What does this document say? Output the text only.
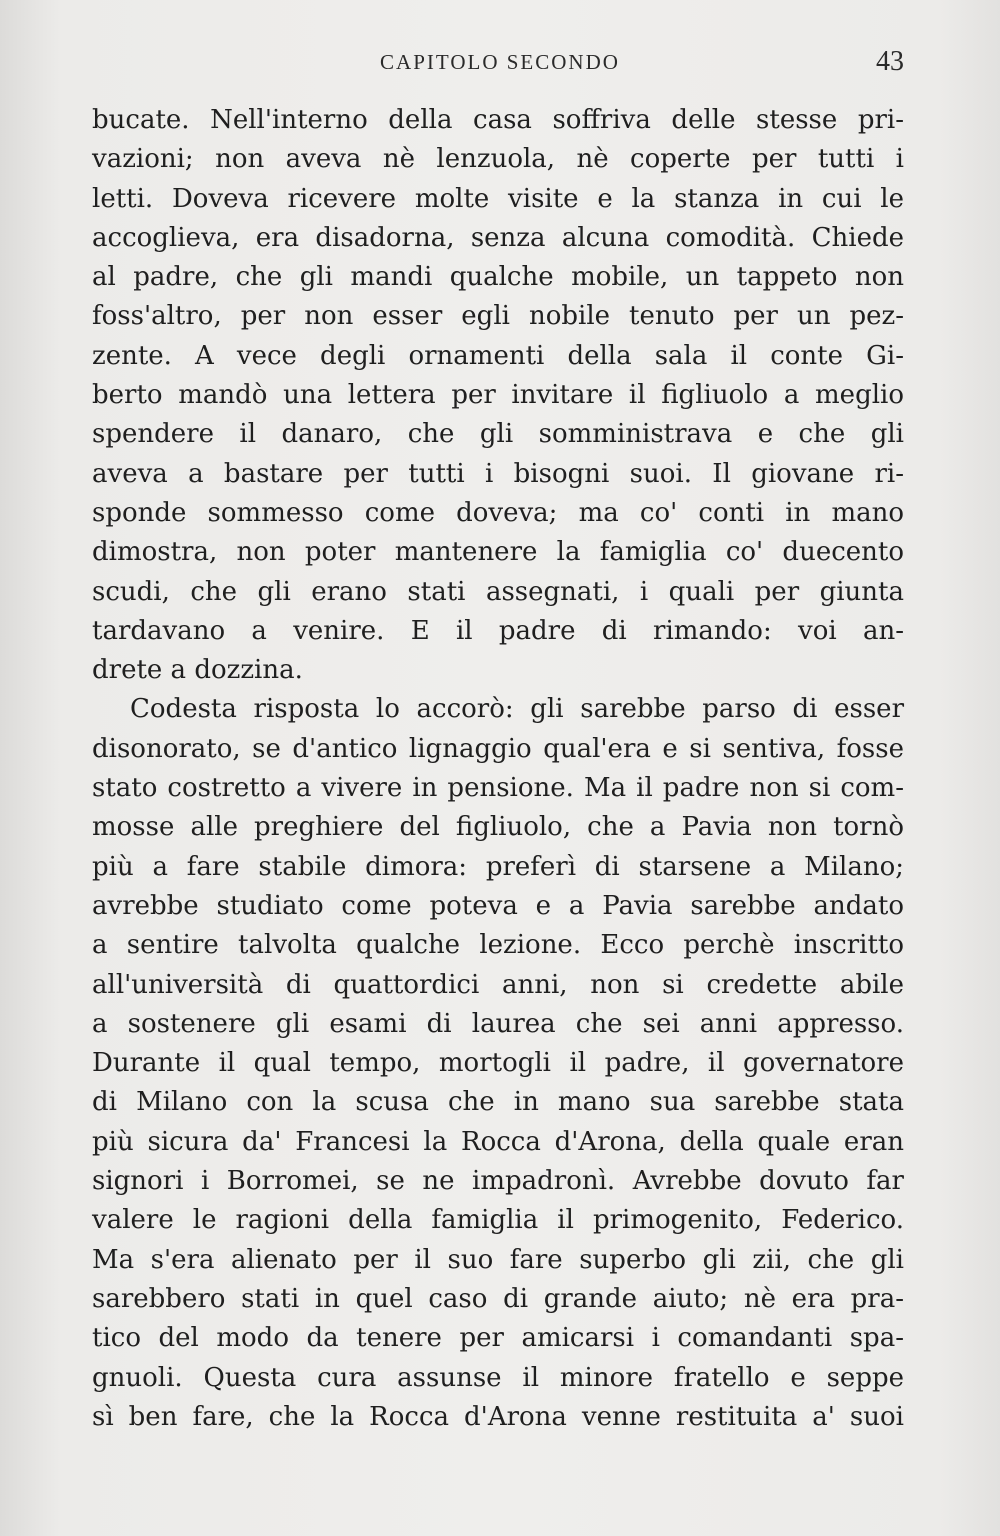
CAPITOLO SECONDO	43
bucate. Nell'interno della casa soffriva delle stesse pri-
vazioni; non aveva nè lenzuola, nè coperte per tutti i
letti. Doveva ricevere molte visite e la stanza in cui le
accoglieva, era disadorna, senza alcuna comodità. Chiede
al padre, che gli mandi qualche mobile, un tappeto non
foss'altro, per non esser egli nobile tenuto per un pez-
zente. A vece degli ornamenti della sala il conte Gi-
berto mandò una lettera per invitare il figliuolo a meglio
spendere il danaro, che gli somministrava e che gli
aveva a bastare per tutti i bisogni suoi. Il giovane ri-
sponde sommesso come doveva; ma co' conti in mano
dimostra, non poter mantenere la famiglia co' duecento
scudi, che gli erano stati assegnati, i quali per giunta
tardavano a venire. E il padre di rimando: voi an-
drete a dozzina.
Codesta risposta lo accorò: gli sarebbe parso di esser
disonorato, se d'antico lignaggio qual'era e si sentiva, fosse
stato costretto a vivere in pensione. Ma il padre non si com-
mosse alle preghiere del figliuolo, che a Pavia non tornò
più a fare stabile dimora: preferì di starsene a Milano;
avrebbe studiato come poteva e a Pavia sarebbe andato
a sentire talvolta qualche lezione. Ecco perchè inscritto
all'università di quattordici anni, non si credette abile
a sostenere gli esami di laurea che sei anni appresso.
Durante il qual tempo, mortogli il padre, il governatore
di Milano con la scusa che in mano sua sarebbe stata
più sicura da' Francesi la Rocca d'Arona, della quale eran
signori i Borromei, se ne impadronì. Avrebbe dovuto far
valere le ragioni della famiglia il primogenito, Federico.
Ma s'era alienato per il suo fare superbo gli zii, che gli
sarebbero stati in quel caso di grande aiuto; nè era pra-
tico del modo da tenere per amicarsi i comandanti spa-
gnuoli. Questa cura assunse il minore fratello e seppe
sì ben fare, che la Rocca d'Arona venne restituita a' suoi
